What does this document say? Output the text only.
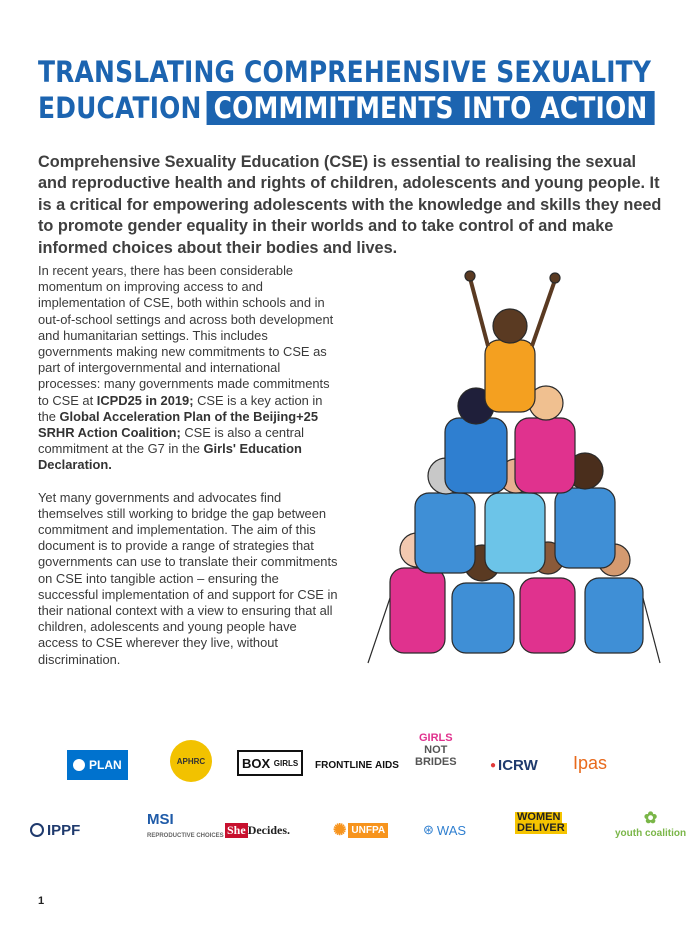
TRANSLATING COMPREHENSIVE SEXUALITY
EDUCATION COMMMITMENTS INTO ACTION
Comprehensive Sexuality Education (CSE) is essential to realising the sexual and reproductive health and rights of children, adolescents and young people. It is a critical for empowering adolescents with the knowledge and skills they need to promote gender equality in their worlds and to take control of and make informed choices about their bodies and lives.

In recent years, there has been considerable momentum on improving access to and implementation of CSE, both within schools and in out-of-school settings and across both development and humanitarian settings. This includes governments making new commitments to CSE as part of intergovernmental and international processes: many governments made commitments to CSE at ICPD25 in 2019; CSE is a key action in the Global Acceleration Plan of the Beijing+25 SRHR Action Coalition; CSE is also a central commitment at the G7 in the Girls' Education Declaration.

Yet many governments and advocates find themselves still working to bridge the gap between commitment and implementation. The aim of this document is to provide a range of strategies that governments can use to translate their commitments on CSE into tangible action – ensuring the successful implementation of and support for CSE in their national context with a view to ensuring that all children, adolescents and young people have access to CSE wherever they live, without discrimination.

PLAN	APHRC	BOX
GIRLS FRONTLINE
AIDS
GIRLS
NOT
BRIDES	● ICRW Ipas
IPPF
MSI
REPRODUCTIVE CHOICES She Decides.	✺ UNFPA	⊛ WAS
WOMEN
DELIVER
✿
youth coalition
1
